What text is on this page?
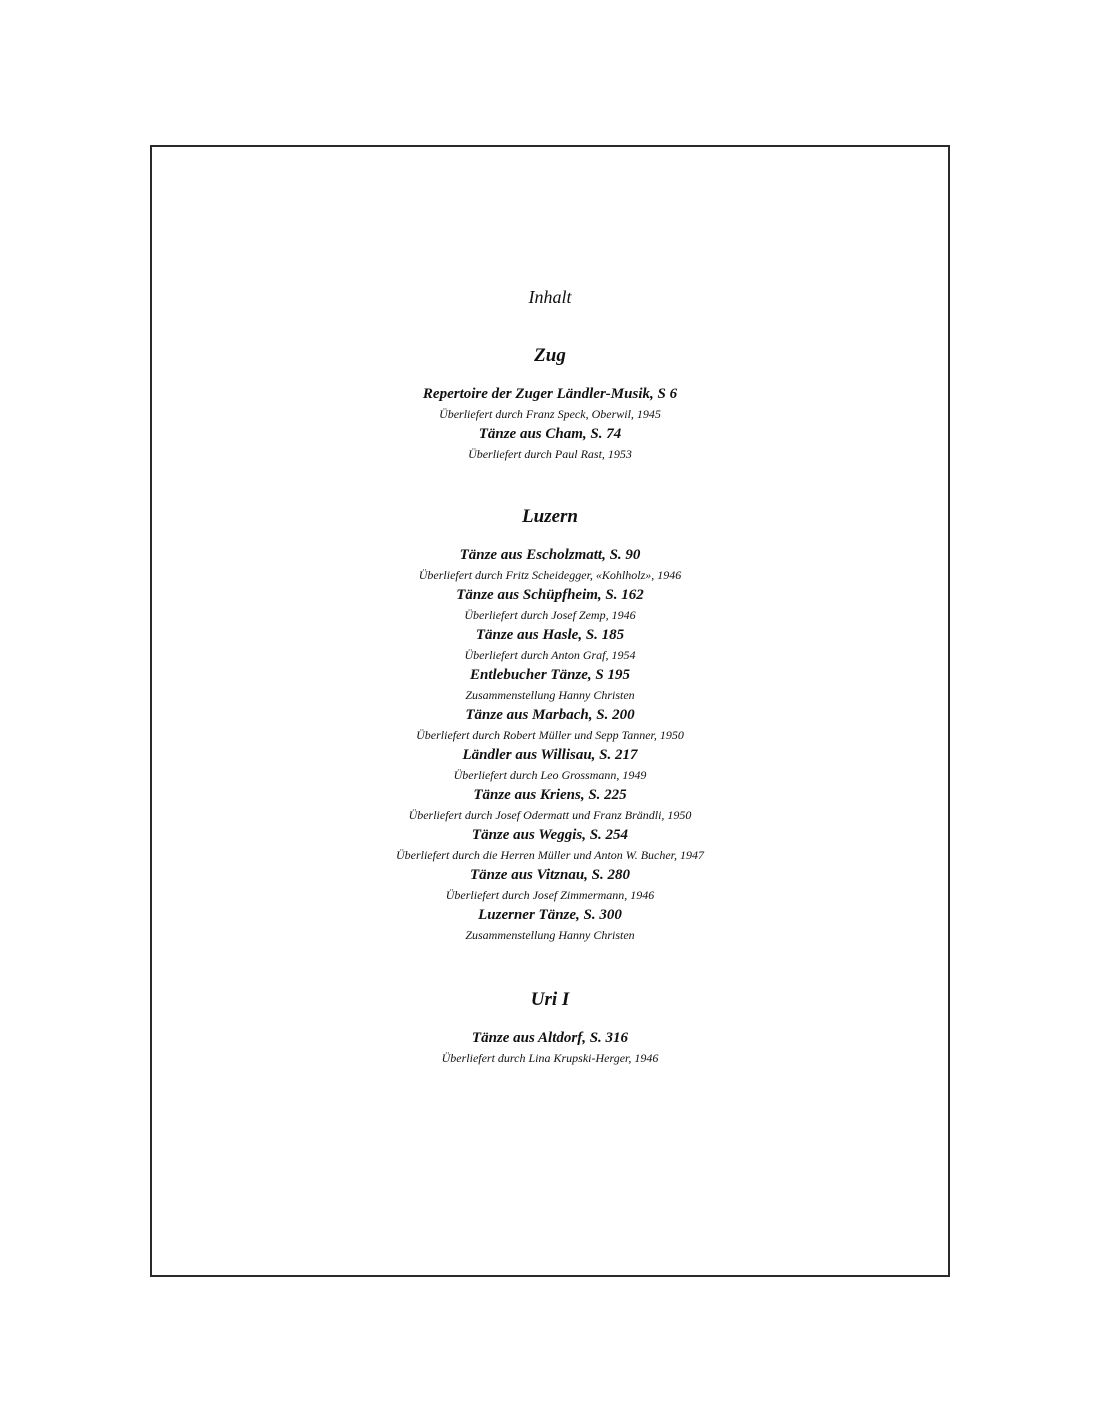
Inhalt
Zug
Repertoire der Zuger Ländler-Musik, S 6
Überliefert durch Franz Speck, Oberwil, 1945
Tänze aus Cham, S. 74
Überliefert durch Paul Rast, 1953
Luzern
Tänze aus Escholzmatt, S. 90
Überliefert durch Fritz Scheidegger, «Kohlholz», 1946
Tänze aus Schüpfheim, S. 162
Überliefert durch Josef Zemp, 1946
Tänze aus Hasle, S. 185
Überliefert durch Anton Graf, 1954
Entlebucher Tänze, S 195
Zusammenstellung Hanny Christen
Tänze aus Marbach, S. 200
Überliefert durch Robert Müller und Sepp Tanner, 1950
Ländler aus Willisau, S. 217
Überliefert durch Leo Grossmann, 1949
Tänze aus Kriens, S. 225
Überliefert durch Josef Odermatt und Franz Brändli, 1950
Tänze aus Weggis, S. 254
Überliefert durch die Herren Müller und Anton W. Bucher, 1947
Tänze aus Vitznau, S. 280
Überliefert durch Josef Zimmermann, 1946
Luzerner Tänze, S. 300
Zusammenstellung Hanny Christen
Uri I
Tänze aus Altdorf, S. 316
Überliefert durch Lina Krupski-Herger, 1946
